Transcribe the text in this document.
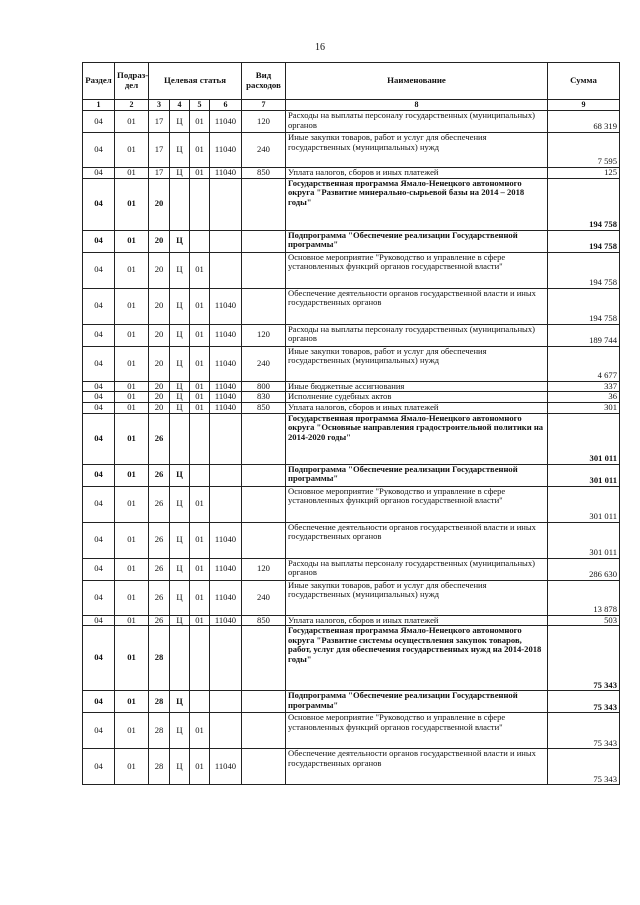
16
Раздел	Подраз-дел	Целевая статья				Вид расходов	Наименование	Сумма
1	2	3	4	5	6	7	8	9
04	01	17	Ц	01	11040	120	Расходы на выплаты персоналу государственных (муниципальных) органов	68 319
04	01	17	Ц	01	11040	240	Иные закупки товаров, работ и услуг для обеспечения государственных (муниципальных) нужд	7 595
04	01	17	Ц	01	11040	850	Уплата налогов, сборов и иных платежей	125
04	01	20					Государственная программа Ямало-Ненецкого автономного округа "Развитие минерально-сырьевой базы на 2014 – 2018 годы"	194 758
04	01	20	Ц				Подпрограмма "Обеспечение реализации Государственной программы"	194 758
04	01	20	Ц	01			Основное мероприятие "Руководство и управление в сфере установленных функций органов государственной власти"	194 758
04	01	20	Ц	01	11040		Обеспечение деятельности органов государственной власти и иных государственных органов	194 758
04	01	20	Ц	01	11040	120	Расходы на выплаты персоналу государственных (муниципальных) органов	189 744
04	01	20	Ц	01	11040	240	Иные закупки товаров, работ и услуг для обеспечения государственных (муниципальных) нужд	4 677
04	01	20	Ц	01	11040	800	Иные бюджетные ассигнования	337
04	01	20	Ц	01	11040	830	Исполнение судебных актов	36
04	01	20	Ц	01	11040	850	Уплата налогов, сборов и иных платежей	301
04	01	26					Государственная программа Ямало-Ненецкого автономного округа "Основные направления градостроительной политики на 2014-2020 годы"	301 011
04	01	26	Ц				Подпрограмма "Обеспечение реализации Государственной программы"	301 011
04	01	26	Ц	01			Основное мероприятие "Руководство и управление в сфере установленных функций органов государственной власти"	301 011
04	01	26	Ц	01	11040		Обеспечение деятельности органов государственной власти и иных государственных органов	301 011
04	01	26	Ц	01	11040	120	Расходы на выплаты персоналу государственных (муниципальных) органов	286 630
04	01	26	Ц	01	11040	240	Иные закупки товаров, работ и услуг для обеспечения государственных (муниципальных) нужд	13 878
04	01	26	Ц	01	11040	850	Уплата налогов, сборов и иных платежей	503
04	01	28					Государственная программа Ямало-Ненецкого автономного округа "Развитие системы осуществления закупок товаров, работ, услуг для обеспечения государственных нужд на 2014-2018 годы"	75 343
04	01	28	Ц				Подпрограмма "Обеспечение реализации Государственной программы"	75 343
04	01	28	Ц	01			Основное мероприятие "Руководство и управление в сфере установленных функций органов государственной власти"	75 343
04	01	28	Ц	01	11040		Обеспечение деятельности органов государственной власти и иных государственных органов	75 343
